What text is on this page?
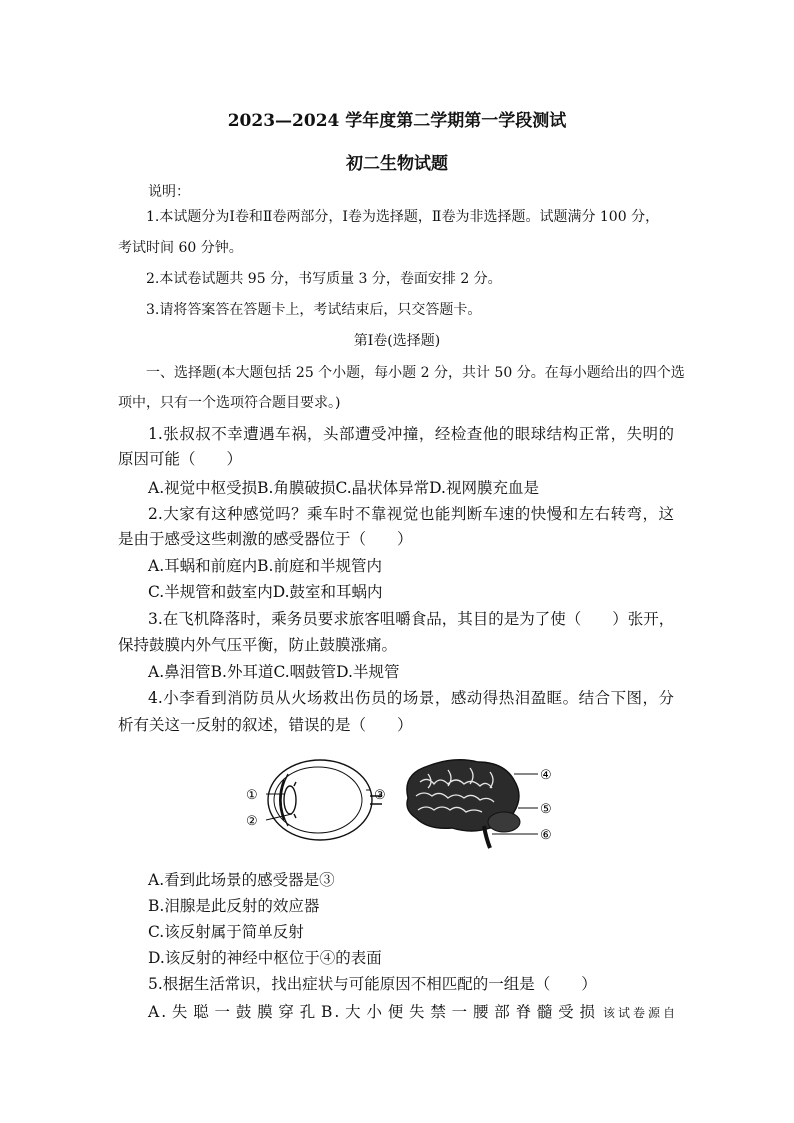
2023—2024 学年度第二学期第一学段测试
初二生物试题
说明：
1.本试题分为Ⅰ卷和Ⅱ卷两部分，Ⅰ卷为选择题，Ⅱ卷为非选择题。试题满分 100 分，
考试时间 60 分钟。
2.本试卷试题共 95 分，书写质量 3 分，卷面安排 2 分。
3.请将答案答在答题卡上，考试结束后，只交答题卡。
第Ⅰ卷(选择题)
一、选择题(本大题包括 25 个小题，每小题 2 分，共计 50 分。在每小题给出的四个选
项中，只有一个选项符合题目要求。)
1.张叔叔不幸遭遇车祸，头部遭受冲撞，经检查他的眼球结构正常，失明的
原因可能（　　）
A.视觉中枢受损B.角膜破损C.晶状体异常D.视网膜充血是
2.大家有这种感觉吗？乘车时不靠视觉也能判断车速的快慢和左右转弯，这
是由于感受这些刺激的感受器位于（　　）
A.耳蜗和前庭内B.前庭和半规管内
C.半规管和鼓室内D.鼓室和耳蜗内
3.在飞机降落时，乘务员要求旅客咀嚼食品，其目的是为了使（　　）张开，
保持鼓膜内外气压平衡，防止鼓膜涨痛。
A.鼻泪管B.外耳道C.咽鼓管D.半规管
4.小李看到消防员从火场救出伤员的场景，感动得热泪盈眶。结合下图，分
析有关这一反射的叙述，错误的是（　　）
①
②
③
④
⑤
⑥
A.看到此场景的感受器是③
B.泪腺是此反射的效应器
C.该反射属于简单反射
D.该反射的神经中枢位于④的表面
5.根据生活常识，找出症状与可能原因不相匹配的一组是（　　）
A.失聪一鼓膜穿孔B.大小便失禁一腰部脊髓受损 该试卷源自
